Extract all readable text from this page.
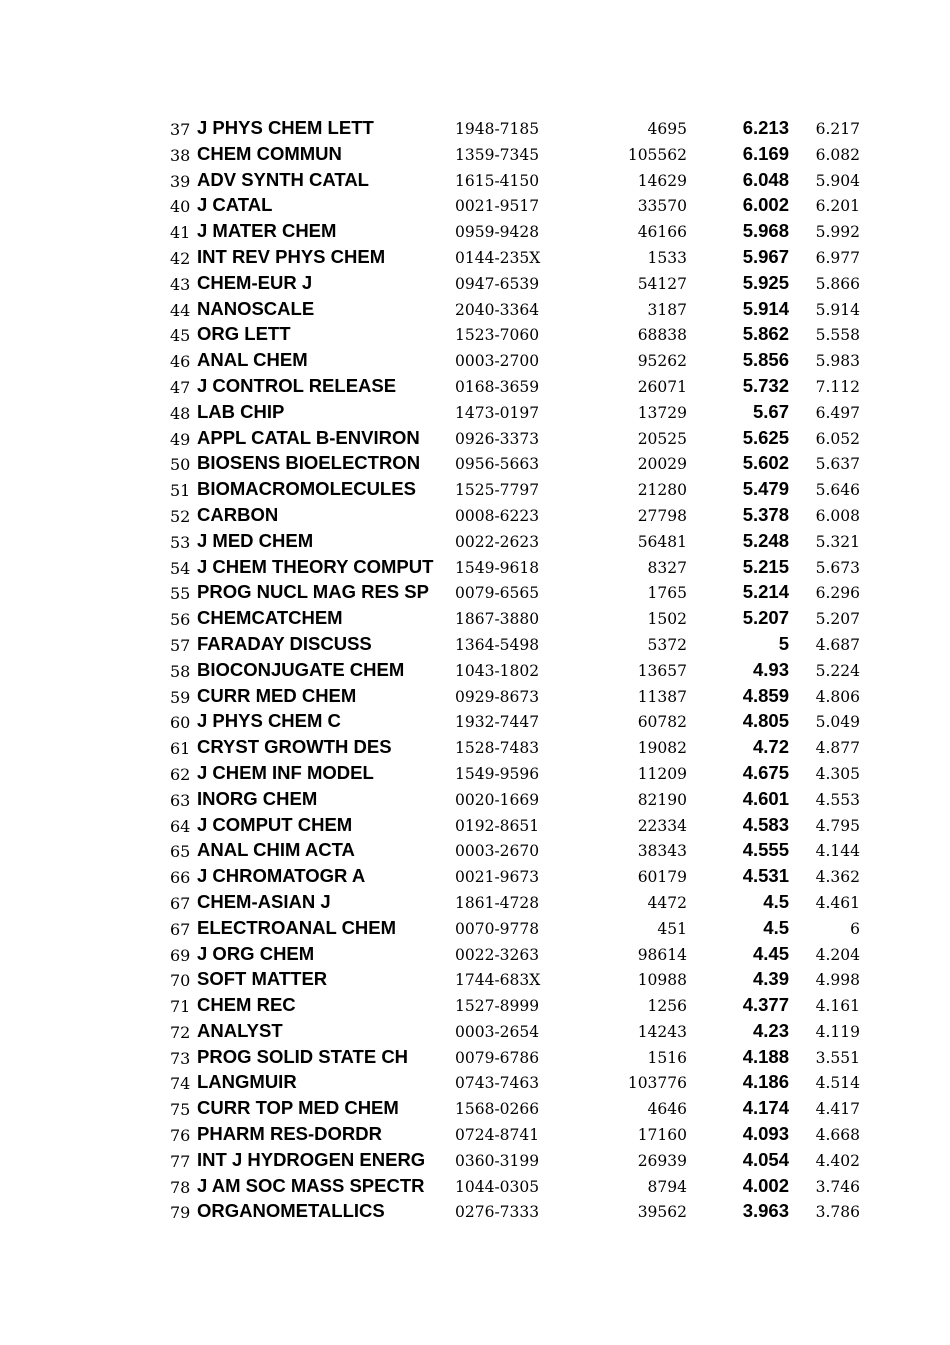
37 J PHYS CHEM LETT	1948-7185	4695	6.213 6.217
38 CHEM COMMUN	1359-7345	105562	6.169 6.082
39 ADV SYNTH CATAL	1615-4150	14629	6.048 5.904
40 J CATAL	0021-9517	33570	6.002 6.201
41 J MATER CHEM	0959-9428	46166	5.968 5.992
42 INT REV PHYS CHEM	0144-235X	1533	5.967 6.977
43 CHEM-EUR J	0947-6539	54127	5.925 5.866
44 NANOSCALE	2040-3364	3187	5.914 5.914
45 ORG LETT	1523-7060	68838	5.862 5.558
46 ANAL CHEM	0003-2700	95262	5.856 5.983
47 J CONTROL RELEASE	0168-3659	26071	5.732 7.112
48 LAB CHIP	1473-0197	13729	5.67 6.497
49 APPL CATAL B-ENVIRON 0926-3373	20525	5.625 6.052
50 BIOSENS BIOELECTRON 0956-5663	20029	5.602 5.637
51 BIOMACROMOLECULES	1525-7797	21280	5.479 5.646
52 CARBON	0008-6223	27798	5.378 6.008
53 J MED CHEM	0022-2623	56481	5.248 5.321
54 J CHEM THEORY COMPUT 1549-9618	8327	5.215 5.673
55 PROG NUCL MAG RES SP 0079-6565	1765	5.214 6.296
56 CHEMCATCHEM	1867-3880	1502	5.207 5.207
57 FARADAY DISCUSS	1364-5498	5372	5 4.687
58 BIOCONJUGATE CHEM	1043-1802	13657	4.93 5.224
59 CURR MED CHEM	0929-8673	11387	4.859 4.806
60 J PHYS CHEM C	1932-7447	60782	4.805 5.049
61 CRYST GROWTH DES	1528-7483	19082	4.72 4.877
62 J CHEM INF MODEL	1549-9596	11209	4.675 4.305
63 INORG CHEM	0020-1669	82190	4.601 4.553
64 J COMPUT CHEM	0192-8651	22334	4.583 4.795
65 ANAL CHIM ACTA	0003-2670	38343	4.555 4.144
66 J CHROMATOGR A	0021-9673	60179	4.531 4.362
67 CHEM-ASIAN J	1861-4728	4472	4.5 4.461
67 ELECTROANAL CHEM	0070-9778	451	4.5	6
69 J ORG CHEM	0022-3263	98614	4.45 4.204
70 SOFT MATTER	1744-683X	10988	4.39 4.998
71 CHEM REC	1527-8999	1256	4.377 4.161
72 ANALYST	0003-2654	14243	4.23 4.119
73 PROG SOLID STATE CH	0079-6786	1516	4.188 3.551
74 LANGMUIR	0743-7463	103776	4.186 4.514
75 CURR TOP MED CHEM	1568-0266	4646	4.174 4.417
76 PHARM RES-DORDR	0724-8741	17160	4.093 4.668
77 INT J HYDROGEN ENERG 0360-3199	26939	4.054 4.402
78 J AM SOC MASS SPECTR 1044-0305	8794	4.002 3.746
79 ORGANOMETALLICS	0276-7333	39562	3.963 3.786
